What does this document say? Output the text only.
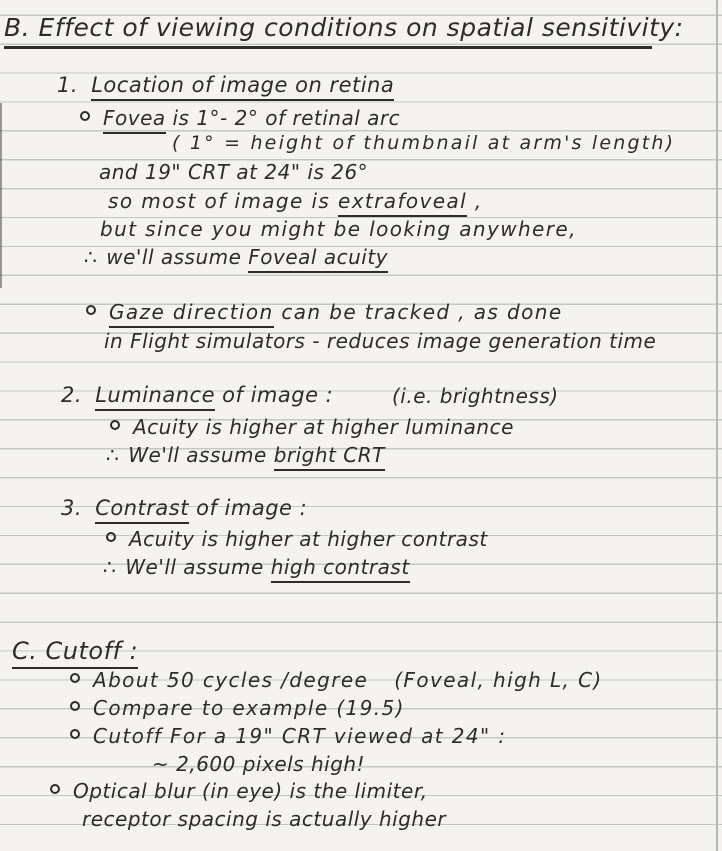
B. Effect of viewing conditions on spatial sensitivity:
1. Location of image on retina
Fovea is 1°- 2° of retinal arc
( 1° = height of thumbnail at arm's length)
and 19" CRT at 24" is 26°
so most of image is extrafoveal ,
but since you might be looking anywhere,
∴ we'll assume Foveal acuity
Gaze direction can be tracked , as done
in Flight simulators - reduces image generation time
2. Luminance of image :	(i.e. brightness)
Acuity is higher at higher luminance
∴ We'll assume bright CRT
3. Contrast of image :
Acuity is higher at higher contrast
∴ We'll assume high contrast
C. Cutoff :
About 50 cycles /degree (Foveal, high L, C)
Compare to example (19.5)
Cutoff For a 19" CRT viewed at 24" :
~ 2,600 pixels high!
Optical blur (in eye) is the limiter,
receptor spacing is actually higher
